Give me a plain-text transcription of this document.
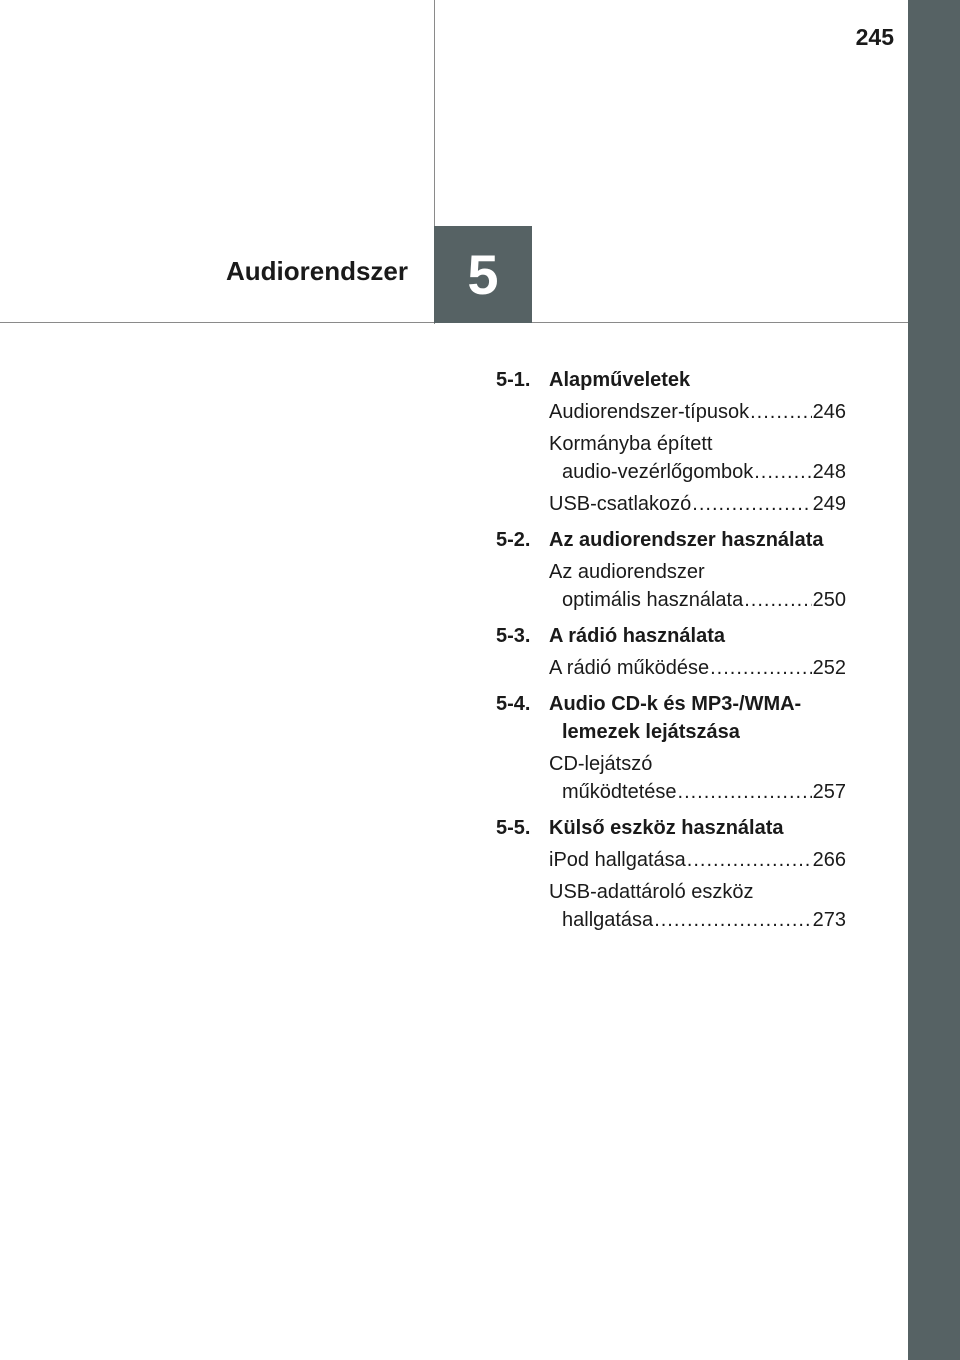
245
5
Audiorendszer
5-1. Alapműveletek
Audiorendszer-típusok .....	246
Kormányba épített
audio-vezérlőgombok .....	248
USB-csatlakozó .....	249
5-2. Az audiorendszer használata
Az audiorendszer
optimális használata .....	250
5-3. A rádió használata
A rádió működése .....	252
5-4. Audio CD-k és MP3-/WMA-
lemezek lejátszása
CD-lejátszó
működtetése .....	257
5-5. Külső eszköz használata
iPod hallgatása .....	266
USB-adattároló eszköz
hallgatása .....	273
